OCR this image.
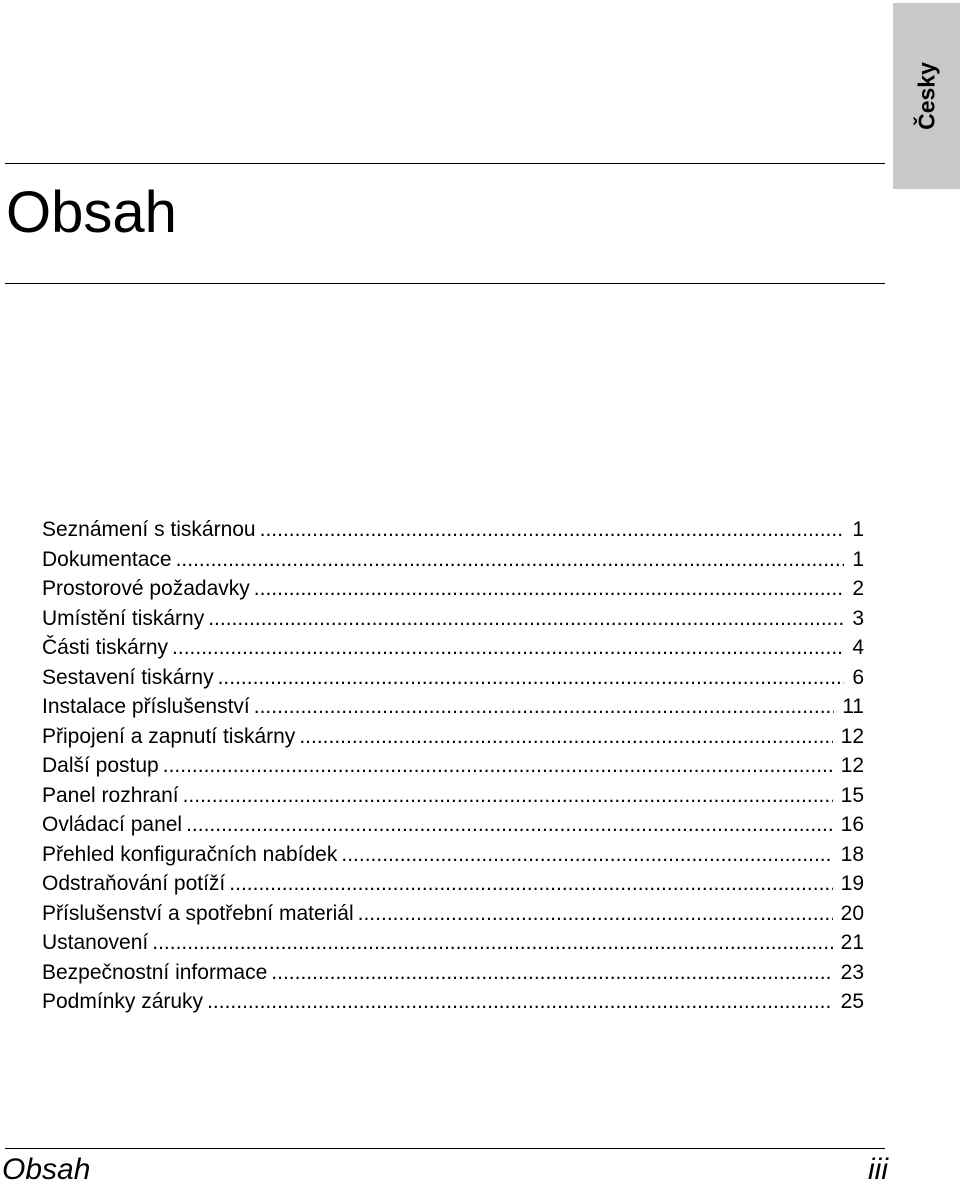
Česky
Obsah
Seznámení s tiskárnou .....	1
Dokumentace .....	1
Prostorové požadavky .....	2
Umístění tiskárny .....	3
Části tiskárny .....	4
Sestavení tiskárny .....	6
Instalace příslušenství .....	11
Připojení a zapnutí tiskárny .....	12
Další postup .....	12
Panel rozhraní .....	15
Ovládací panel .....	16
Přehled konfiguračních nabídek .....	18
Odstraňování potíží .....	19
Příslušenství a spotřební materiál .....	20
Ustanovení .....	21
Bezpečnostní informace .....	23
Podmínky záruky .....	25
Obsah	iii
